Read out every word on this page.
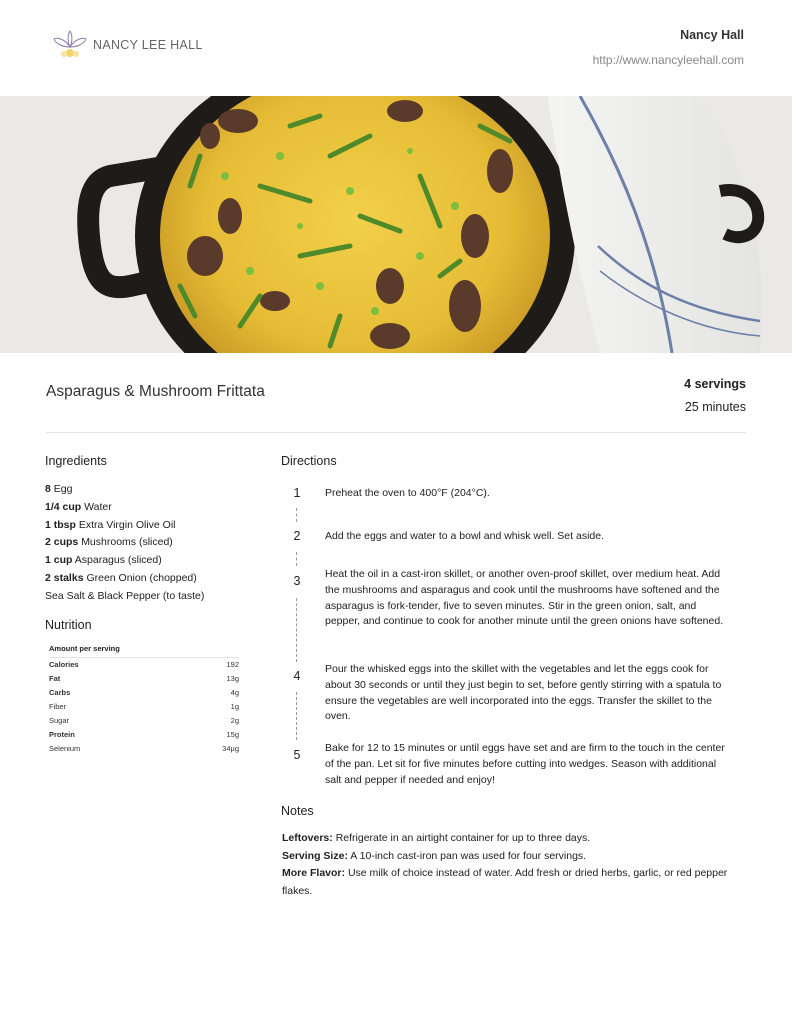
NANCY LEE HALL
Nancy Hall
http://www.nancyleehall.com
Asparagus & Mushroom Frittata	4 servings
25 minutes
Ingredients
8 Egg
1/4 cup Water
1 tbsp Extra Virgin Olive Oil
2 cups Mushrooms (sliced)
1 cup Asparagus (sliced)
2 stalks Green Onion (chopped)
Sea Salt & Black Pepper (to taste)
Nutrition
Amount per serving
Calories	192
Fat	13g
Carbs	4g
Fiber	1g
Sugar	2g
Protein	15g
Selenium	34µg
Directions
1 Preheat the oven to 400°F (204°C).
2 Add the eggs and water to a bowl and whisk well. Set aside.
3 Heat the oil in a cast-iron skillet, or another oven-proof skillet, over medium heat. Add the mushrooms and asparagus and cook until the mushrooms have softened and the asparagus is fork-tender, five to seven minutes. Stir in the green onion, salt, and pepper, and continue to cook for another minute until the green onions have softened.
4 Pour the whisked eggs into the skillet with the vegetables and let the eggs cook for about 30 seconds or until they just begin to set, before gently stirring with a spatula to ensure the vegetables are well incorporated into the eggs. Transfer the skillet to the oven.
5 Bake for 12 to 15 minutes or until eggs have set and are firm to the touch in the center of the pan. Let sit for five minutes before cutting into wedges. Season with additional salt and pepper if needed and enjoy!
Notes
Leftovers: Refrigerate in an airtight container for up to three days.
Serving Size: A 10-inch cast-iron pan was used for four servings.
More Flavor: Use milk of choice instead of water. Add fresh or dried herbs, garlic, or red pepper flakes.
